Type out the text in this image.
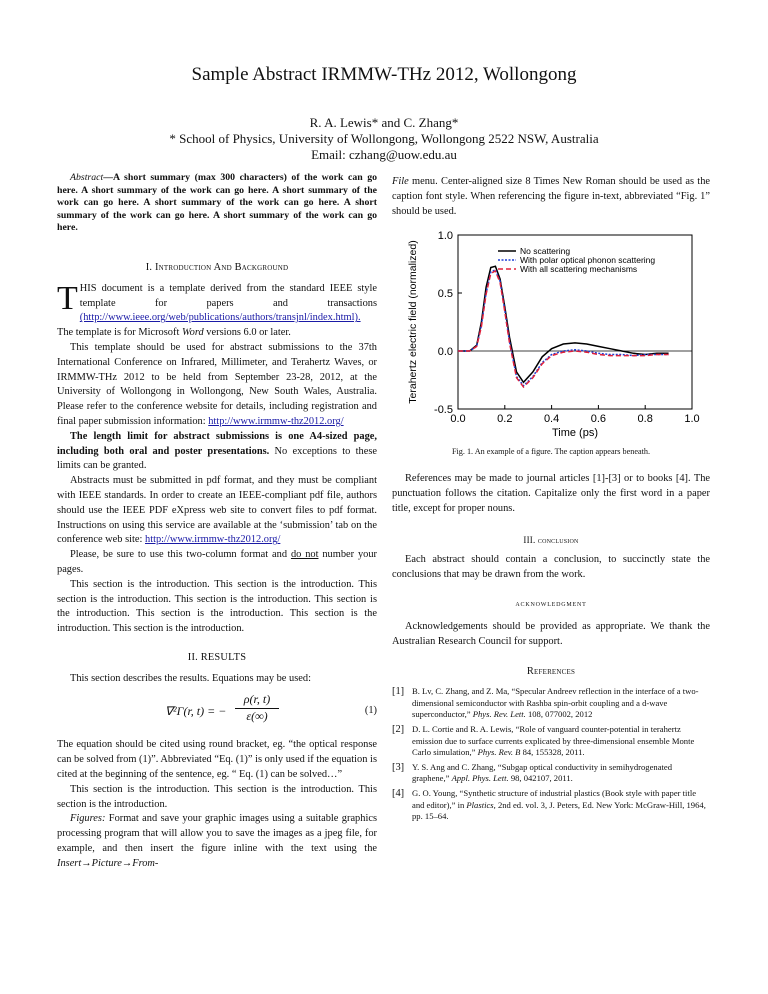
Sample Abstract IRMMW-THz 2012, Wollongong
R. A. Lewis* and C. Zhang*
* School of Physics, University of Wollongong, Wollongong 2522 NSW, Australia
Email: czhang@uow.edu.au

Abstract—A short summary (max 300 characters) of the work can go here. A short summary of the work can go here. A short summary of the work can go here. A short summary of the work can go here. A short summary of the work can go here. A short summary of the work can go here.

I. Introduction And Background

THIS document is a template derived from the standard IEEE style template for papers and transactions (http://www.ieee.org/web/publications/authors/transjnl/index.html). The template is for Microsoft Word versions 6.0 or later.

This template should be used for abstract submissions to the 37th International Conference on Infrared, Millimeter, and Terahertz Waves, or IRMMW-THz 2012 to be held from September 23-28, 2012, at the University of Wollongong in Wollongong, New South Wales, Australia. Please refer to the conference website for details, including registration and final paper submission information: http://www.irmmw-thz2012.org/

The length limit for abstract submissions is one A4-sized page, including both oral and poster presentations. No exceptions to these limits can be granted.

Abstracts must be submitted in pdf format, and they must be compliant with IEEE standards. In order to create an IEEE-compliant pdf file, authors should use the IEEE PDF eXpress web site to convert files to pdf format. Instructions on using this service are available at the ‘submission’ tab on the conference web site: http://www.irmmw-thz2012.org/

Please, be sure to use this two-column format and do not number your pages.

This section is the introduction. This section is the introduction. This section is the introduction. This section is the introduction. This section is the introduction. This section is the introduction. This section is the introduction. This section is the introduction.

II. RESULTS

This section describes the results. Equations may be used:

∇²Γ(r, t) = − $\frac{\rho(r, t)}{\varepsilon(\infty)}$	(1)

The equation should be cited using round bracket, eg. “the optical response can be solved from (1)”. Abbreviated “Eq. (1)” is only used if the equation is cited at the beginning of the sentence, eg. “ Eq. (1) can be solved…”

This section is the introduction. This section is the introduction. This section is the introduction.

Figures: Format and save your graphic images using a suitable graphics processing program that will allow you to save the images as a jpeg file, for example, and then insert the figure inline with the text using the Insert→Picture→From-

File menu. Center-aligned size 8 Times New Roman should be used as the caption font style. When referencing the figure in-text, abbreviated “Fig. 1” should be used.

0.0	0.2	0.4	0.6	0.8	1.0
-0.5
0.0
0.5
1.0
Time (ps)
Terahertz electric field (normalized)	No scattering
With polar optical phonon scattering
With all scattering mechanisms
Fig. 1. An example of a figure. The caption appears beneath.

References may be made to journal articles [1]-[3] or to books [4]. The punctuation follows the citation. Capitalize only the first word in a paper title, except for proper nouns.

III. conclusion

Each abstract should contain a conclusion, to succinctly state the conclusions that may be drawn from the work.

acknowledgment

Acknowledgements should be provided as appropriate. We thank the Australian Research Council for support.

References
[1] B. Lv, C. Zhang, and Z. Ma, “Specular Andreev reflection in the interface of a two-dimensional semiconductor with Rashba spin-orbit coupling and a d-wave superconductor,” Phys. Rev. Lett. 108, 077002, 2012
[2] D. L. Cortie and R. A. Lewis, “Role of vanguard counter-potential in terahertz emission due to surface currents explicated by three-dimensional ensemble Monte Carlo simulation,” Phys. Rev. B 84, 155328, 2011.
[3] Y. S. Ang and C. Zhang, “Subgap optical conductivity in semihydrogenated graphene,” Appl. Phys. Lett. 98, 042107, 2011.
[4] G. O. Young, “Synthetic structure of industrial plastics (Book style with paper title and editor),” in Plastics, 2nd ed. vol. 3, J. Peters, Ed. New York: McGraw-Hill, 1964, pp. 15–64.
